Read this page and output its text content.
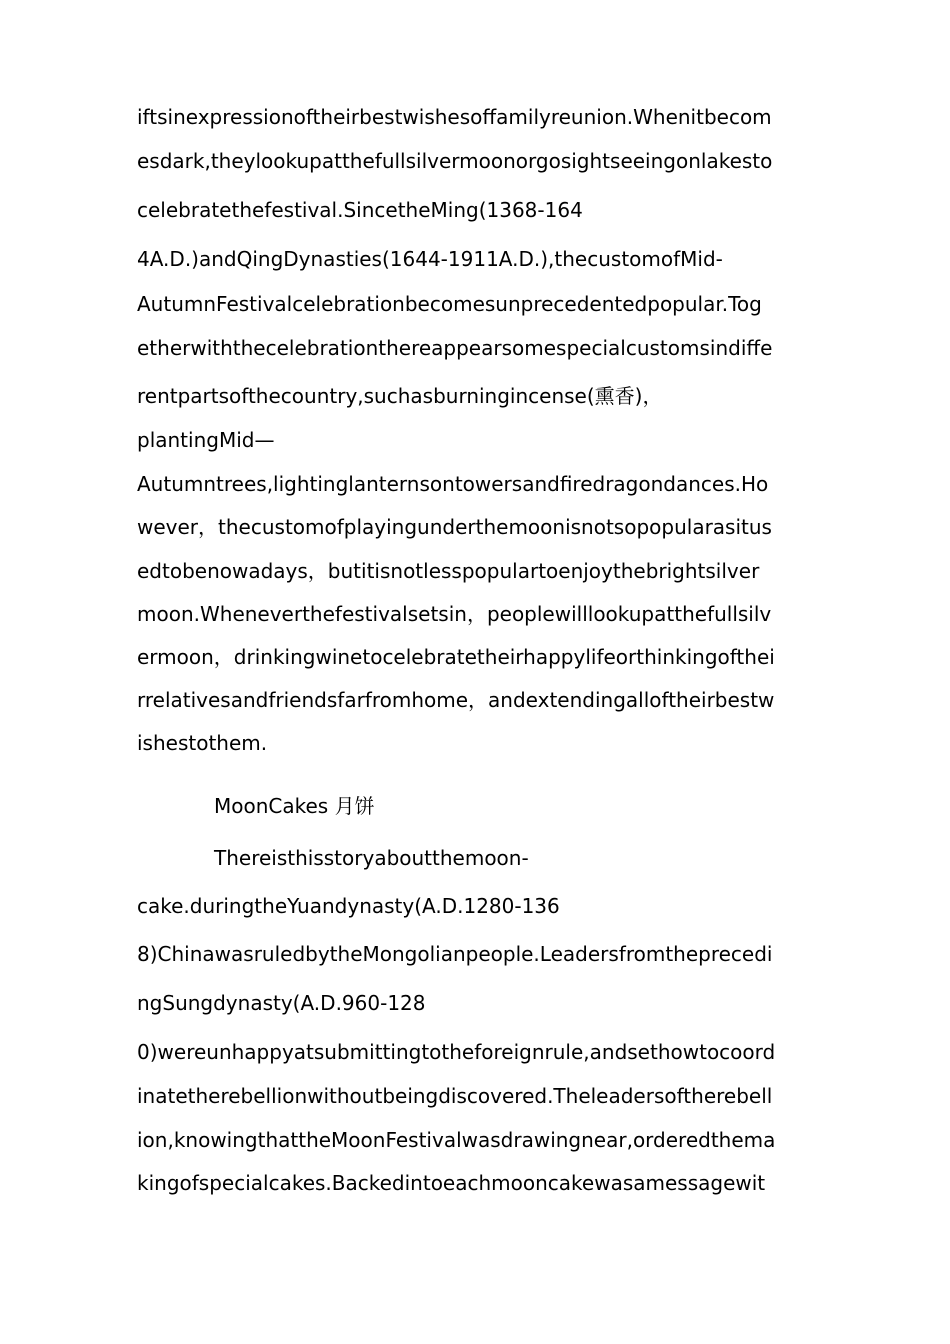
iftsinexpressionoftheirbestwishesoffamilyreunion.Whenitbecom
esdark,theylookupatthefullsilvermoonorgosightseeingonlakesto
celebratethefestival.SincetheMing(1368-164
4A.D.)andQingDynasties(1644-1911A.D.),thecustomofMid-
AutumnFestivalcelebrationbecomesunprecedentedpopular.Tog
etherwiththecelebrationthereappearsomespecialcustomsindiffe
rentpartsofthecountry,suchasburningincense(熏香)，
plantingMid—
Autumntrees,lightinglanternsontowersandfiredragondances.Ho
wever，thecustomofplayingunderthemoonisnotsopopularasitus
edtobenowadays，butitisnotlesspopulartoenjoythebrightsilver
moon.Wheneverthefestivalsetsin，peoplewilllookupatthefullsilv
ermoon，drinkingwinetocelebratetheirhappylifeorthinkingofthei
rrelativesandfriendsfarfromhome，andextendingalloftheirbestw
ishestothem.
MoonCakes 月饼
Thereisthisstoryaboutthemoon-
cake.duringtheYuandynasty(A.D.1280-136
8)ChinawasruledbytheMongolianpeople.Leadersfromtheprecedi
ngSungdynasty(A.D.960-128
0)wereunhappyatsubmittingtotheforeignrule,andsethowtocoord
inatetherebellionwithoutbeingdiscovered.Theleadersoftherebell
ion,knowingthattheMoonFestivalwasdrawingnear,orderedthema
kingofspecialcakes.Backedintoeachmooncakewasamessagewit
